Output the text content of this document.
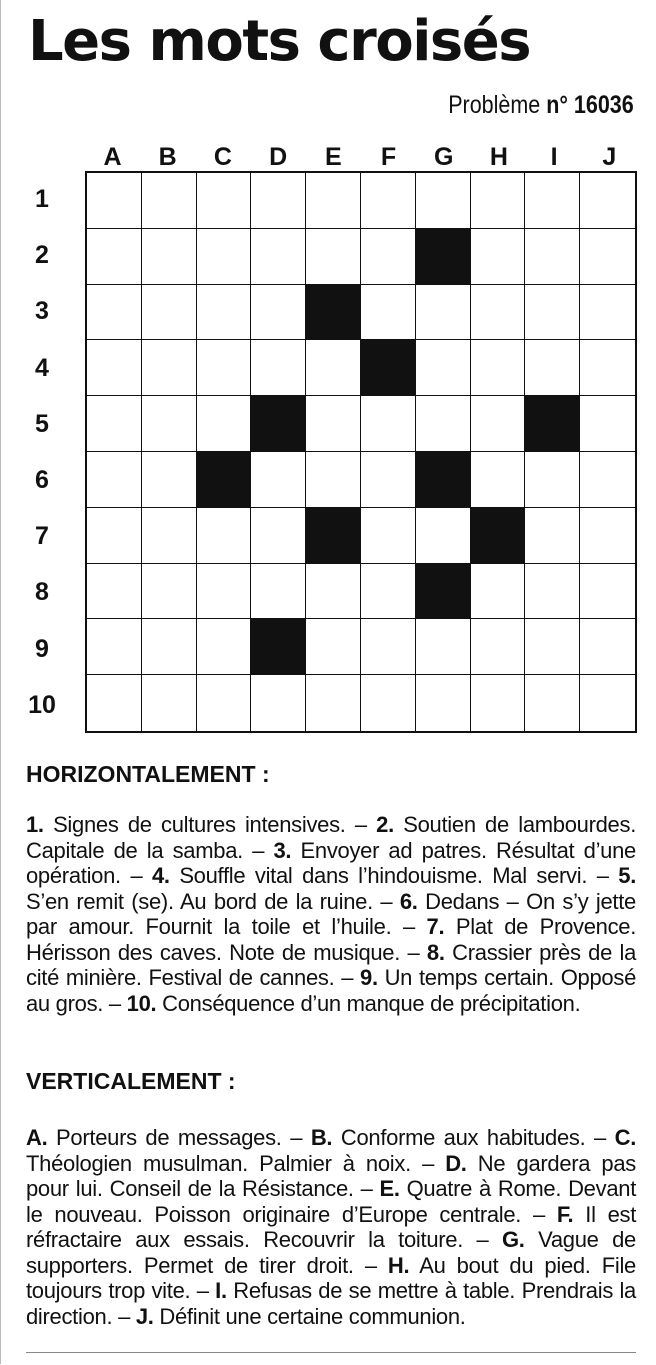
Les mots croisés
Problème n° 16036
A	B	C	D	E	F	G	H	I	J
1
2
3
4
5
6
7
8
9
10
HORIZONTALEMENT :

1. Signes de cultures intensives. – 2. Soutien de lambourdes. Capitale de la samba. – 3. Envoyer ad patres. Résultat d’une opération. – 4. Souffle vital dans l’hindouisme. Mal servi. – 5. S’en remit (se). Au bord de la ruine. – 6. Dedans – On s’y jette par amour. Fournit la toile et l’huile. – 7. Plat de Provence. Hérisson des caves. Note de musique. – 8. Crassier près de la cité minière. Festival de cannes. – 9. Un temps certain. Opposé au gros. – 10. Conséquence d’un manque de précipitation.

VERTICALEMENT :

A. Porteurs de messages. – B. Conforme aux habitudes. – C. Théologien musulman. Palmier à noix. – D. Ne gardera pas pour lui. Conseil de la Résistance. – E. Quatre à Rome. Devant le nouveau. Poisson originaire d’Europe centrale. – F. Il est réfractaire aux essais. Recouvrir la toiture. – G. Vague de supporters. Permet de tirer droit. – H. Au bout du pied. File toujours trop vite. – I. Refusas de se mettre à table. Prendrais la direction. – J. Définit une certaine communion.
